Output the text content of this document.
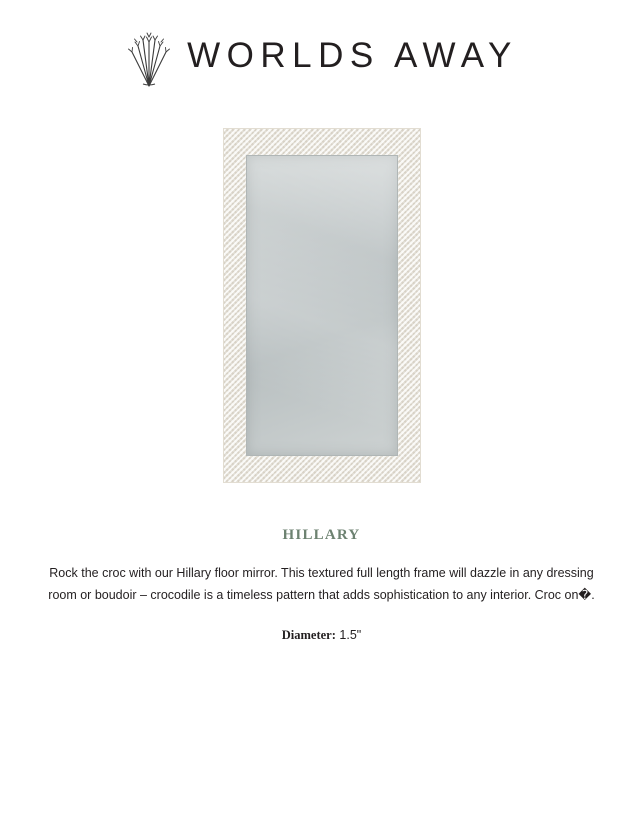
WORLDS AWAY
HILLARY
Rock the croc with our Hillary floor mirror. This textured full length frame will dazzle in any dressing room or boudoir – crocodile is a timeless pattern that adds sophistication to any interior. Croc on�.
Diameter: 1.5"
